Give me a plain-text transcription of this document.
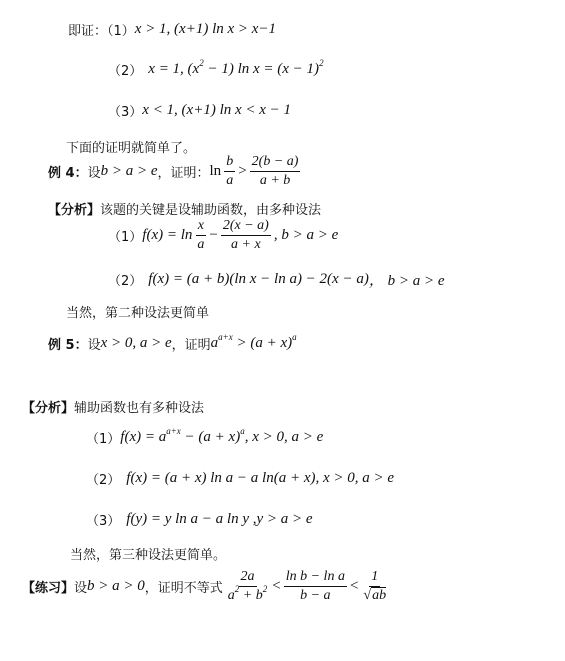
即证：（1） x > 1, (x+1) ln x > x−1
（2） x = 1, $(x^2 - 1)$ $\ln x = (x - 1)^2$
（3） x < 1, (x+1) ln x < x − 1
下面的证明就简单了。
例 4： 设 b > a > e ，证明： $\ln \frac{b}{a} > \frac{2(b - a)}{a + b}$
【分析】 该题的关键是设辅助函数，由多种设法
（1） $f(x) = \ln \frac{x}{a} - \frac{2(x - a)}{a + x}$ , b > a > e
（2） f(x) = (a + b)(ln x − ln a) − 2(x − a) ， b > a > e
当然，第二种设法更简单
例 5： 设 x > 0, a > e ，证明 $a^{a+x} > (a + x)^a$
【分析】 辅助函数也有多种设法
（1） $f(x) = a^{a+x} - (a + x)^a$ , x > 0, a > e
（2） f(x) = (a + x) ln a − a ln(a + x) , x > 0, a > e
（3） f(y) = y ln a − a ln y , y > a > e
当然，第三种设法更简单。
【练习】 设 b > a > 0 ，证明不等式 $\frac{2a}{a^2 + b^2} < \frac{\text{ln b − ln a}}{b - a} < \frac{1}{√ab}$
